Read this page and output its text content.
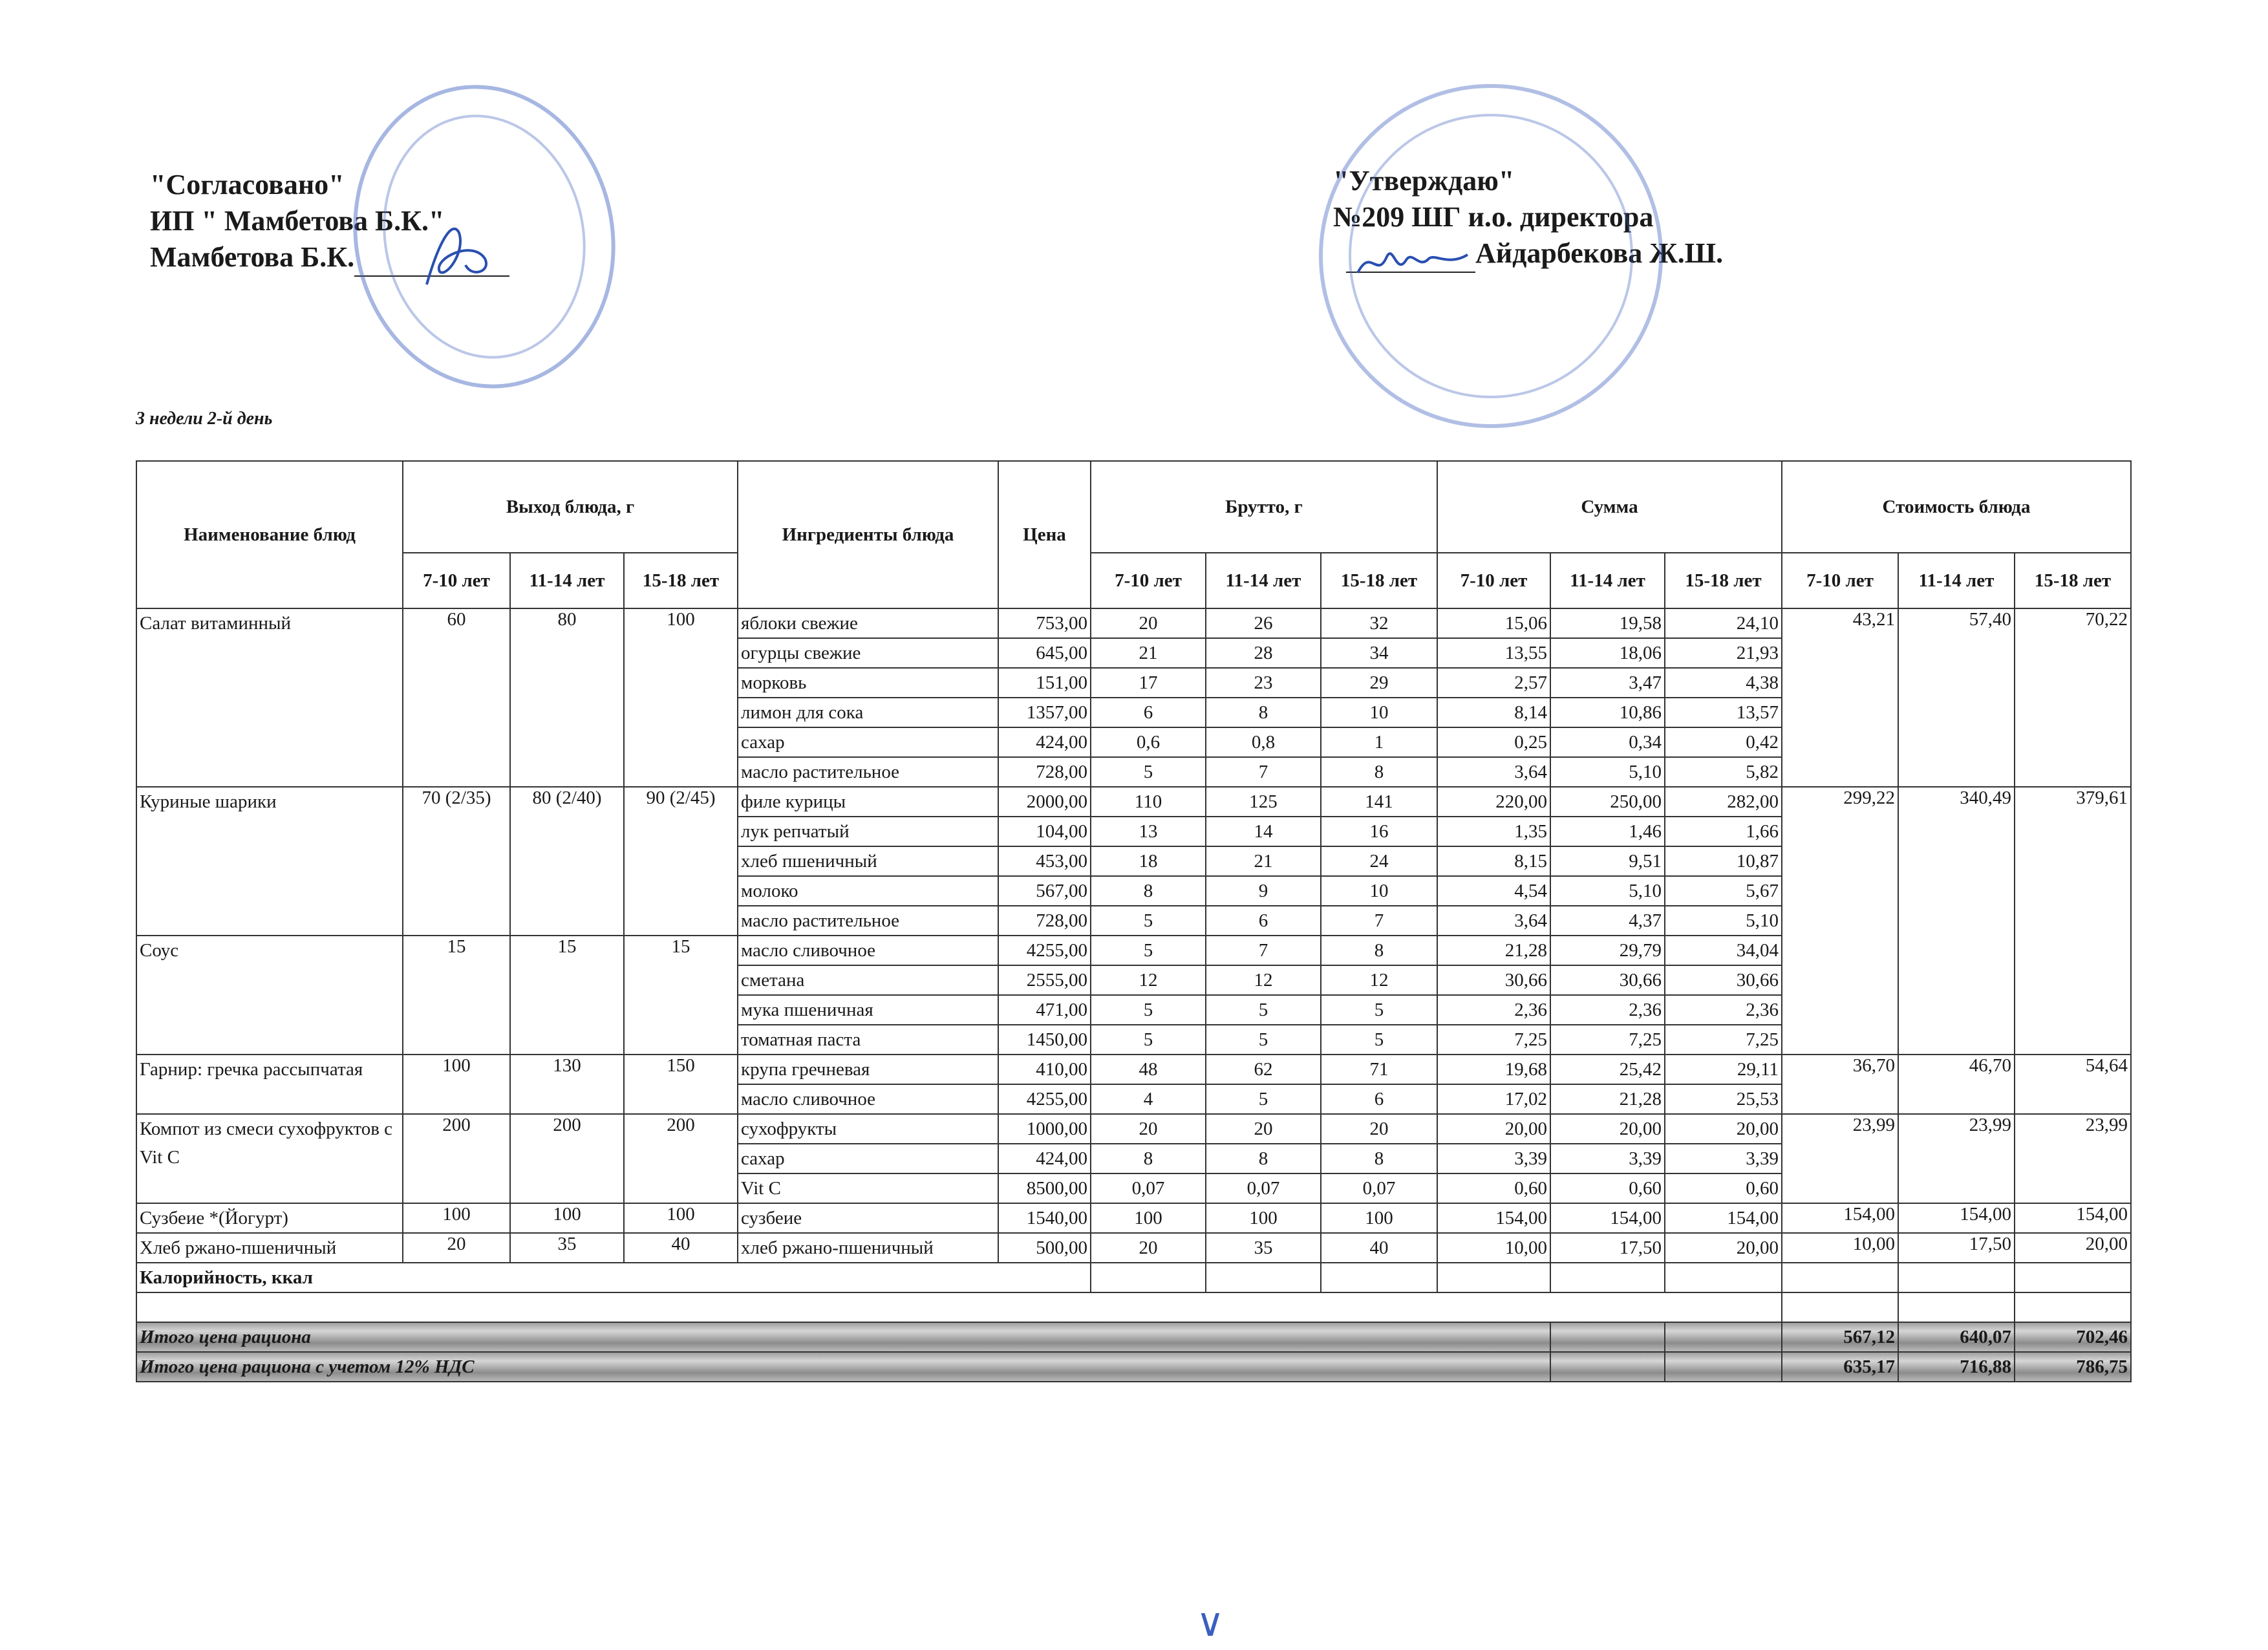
"Согласовано"
ИП " Мамбетова Б.К."
Мамбетова Б.К.
"Утверждаю"
№209 ШГ и.о. директора
Айдарбекова Ж.Ш.
3 недели 2-й день
Наименование блюд	Выход блюда, г			Ингредиенты блюда	Цена	Брутто, г			Сумма			Стоимость блюда		
	7-10 лет	11-14 лет	15-18 лет			7-10 лет	11-14 лет	15-18 лет	7-10 лет	11-14 лет	15-18 лет	7-10 лет	11-14 лет	15-18 лет
Салат витаминный	60	80	100	яблоки свежие	753,00	20	26	32	15,06	19,58	24,10	43,21	57,40	70,22
				огурцы свежие	645,00	21	28	34	13,55	18,06	21,93			
				морковь	151,00	17	23	29	2,57	3,47	4,38			
				лимон для сока	1357,00	6	8	10	8,14	10,86	13,57			
				сахар	424,00	0,6	0,8	1	0,25	0,34	0,42			
				масло растительное	728,00	5	7	8	3,64	5,10	5,82			
Куриные шарики	70 (2/35)	80 (2/40)	90 (2/45)	филе курицы	2000,00	110	125	141	220,00	250,00	282,00	299,22	340,49	379,61
				лук репчатый	104,00	13	14	16	1,35	1,46	1,66			
				хлеб пшеничный	453,00	18	21	24	8,15	9,51	10,87			
				молоко	567,00	8	9	10	4,54	5,10	5,67			
				масло растительное	728,00	5	6	7	3,64	4,37	5,10			
Соус	15	15	15	масло сливочное	4255,00	5	7	8	21,28	29,79	34,04			
				сметана	2555,00	12	12	12	30,66	30,66	30,66			
				мука пшеничная	471,00	5	5	5	2,36	2,36	2,36			
				томатная паста	1450,00	5	5	5	7,25	7,25	7,25			
Гарнир: гречка рассыпчатая	100	130	150	крупа гречневая	410,00	48	62	71	19,68	25,42	29,11	36,70	46,70	54,64
				масло сливочное	4255,00	4	5	6	17,02	21,28	25,53			
Компот из смеси сухофруктов с Vit C	200	200	200	сухофрукты	1000,00	20	20	20	20,00	20,00	20,00	23,99	23,99	23,99
				сахар	424,00	8	8	8	3,39	3,39	3,39			
				Vit C	8500,00	0,07	0,07	0,07	0,60	0,60	0,60			
Сузбеие *(Йогурт)	100	100	100	сузбеие	1540,00	100	100	100	154,00	154,00	154,00	154,00	154,00	154,00
Хлеб ржано-пшеничный	20	35	40	хлеб ржано-пшеничный	500,00	20	35	40	10,00	17,50	20,00	10,00	17,50	20,00
Калорийность, ккал														

Итого цена рациона												567,12	640,07	702,46
Итого цена рациона с учетом 12% НДС												635,17	716,88	786,75
∨
